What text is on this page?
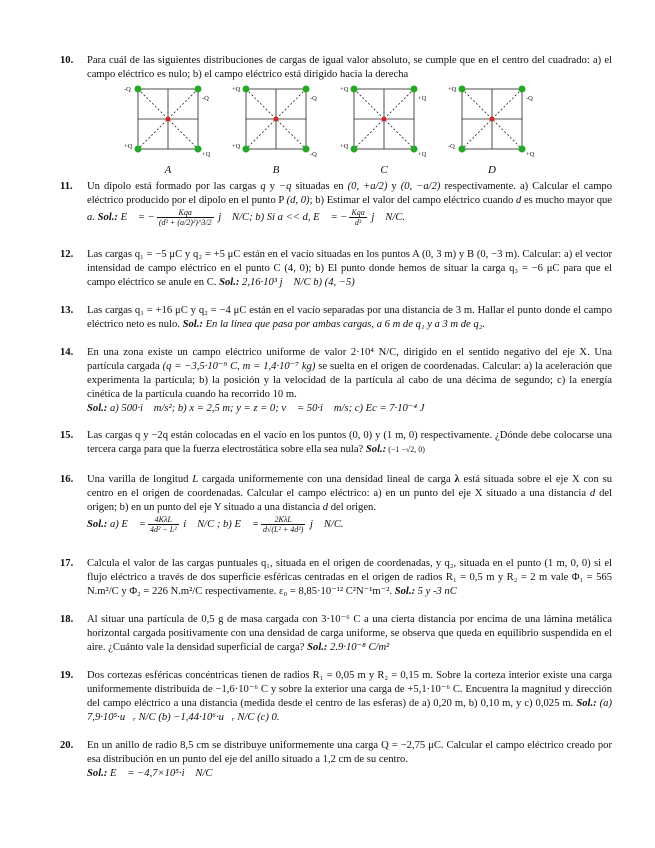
10.	Para cuál de las siguientes distribuciones de cargas de igual valor absoluto, se cumple que en el centro del cuadrado: a) el campo eléctrico es nulo; b) el campo eléctrico está dirigido hacia la derecha
-Q
-Q
+Q
+Q
A
+Q
-Q
+Q
-Q
B
+Q
+Q
+Q
+Q
C
+Q
-Q
-Q
+Q
D
11.	Un dipolo está formado por las cargas q y −q situadas en (0, +a/2) y (0, −a/2) respectivamente. a) Calcular el campo eléctrico producido por el dipolo en el punto P (d, 0); b) Estimar el valor del campo eléctrico cuando d es mucho mayor que a. Sol.: E⃗ = − $\frac{\text{Kqa}}{\text{(d² + (a/2)²)\textasciicircum{}3/2}}$ j⃗ N/C; b) Si a << d, E⃗ = − $\frac{\text{Kqa}}{\text{d³}}$ j⃗ N/C.
12.	Las cargas q₁ = −5 μC y q₂ = +5 μC están en el vacío situadas en los puntos A (0, 3 m) y B (0, −3 m). Calcular: a) el vector intensidad de campo eléctrico en el punto C (4, 0); b) El punto donde hemos de situar la carga q₃ = −6 μC para que el campo eléctrico se anule en C. Sol.: 2,16·10³ j⃗ N/C b) (4, −5)
13.	Las cargas q₁ = +16 μC y q₂ = −4 μC están en el vacío separadas por una distancia de 3 m. Hallar el punto donde el campo eléctrico neto es nulo. Sol.: En la línea que pasa por ambas cargas, a 6 m de q₁ y a 3 m de q₂.
14.	En una zona existe un campo eléctrico uniforme de valor 2·10⁴ N/C, dirigido en el sentido negativo del eje X. Una partícula cargada (q = −3,5·10⁻⁹ C, m = 1,4·10⁻⁷ kg) se suelta en el origen de coordenadas. Calcular: a) la aceleración que experimenta la partícula; b) la posición y la velocidad de la partícula al cabo de una décima de segundo; c) la energía cinética de la partícula cuando ha recorrido 10 m.
Sol.: a) 500·i⃗ m/s²; b) x = 2,5 m; y = z = 0; v⃗ = 50·i⃗ m/s; c) Ec = 7·10⁻⁴ J
15.	Las cargas q y −2q están colocadas en el vacío en los puntos (0, 0) y (1 m, 0) respectivamente. ¿Dónde debe colocarse una tercera carga para que la fuerza electrostática sobre ella sea nula? Sol.: (−1 −√2, 0)
16.	Una varilla de longitud L cargada uniformemente con una densidad lineal de carga λ está situada sobre el eje X con su centro en el origen de coordenadas. Calcular el campo eléctrico: a) en un punto del eje X situado a una distancia d del origen; b) en un punto del eje Y situado a una distancia d del origen.
Sol.: a) E⃗ = $\frac{\text{4KλL}}{\text{4d² − L²}}$ i⃗ N/C ; b) E⃗ = $\frac{\text{2KλL}}{\text{d√(L² + 4d²)}}$ j⃗ N/C.
17.	Calcula el valor de las cargas puntuales q₁, situada en el origen de coordenadas, y q₂, situada en el punto (1 m, 0, 0) si el flujo eléctrico a través de dos superficie esféricas centradas en el origen de radios R₁ = 0,5 m y R₂ = 2 m vale Φ₁ = 565 N.m²/C y Φ₂ = 226 N.m²/C respectivamente. ε₀ = 8,85·10⁻¹² C²N⁻¹m⁻². Sol.: 5 y -3 nC
18.	Al situar una partícula de 0,5 g de masa cargada con 3·10⁻⁶ C a una cierta distancia por encima de una lámina metálica horizontal cargada positivamente con una densidad de carga uniforme, se observa que queda en equilibrio suspendida en el aire. ¿Cuánto vale la densidad superficial de carga? Sol.: 2.9·10⁻⁸ C/m²
19.	Dos cortezas esféricas concéntricas tienen de radios R₁ = 0,05 m y R₂ = 0,15 m. Sobre la corteza interior existe una carga uniformemente distribuida de −1,6·10⁻⁶ C y sobre la exterior una carga de +5,1·10⁻⁶ C. Encuentra la magnitud y dirección del campo eléctrico a una distancia (medida desde el centro de las esferas) de a) 0,20 m, b) 0,10 m, y c) 0,025 m. Sol.: (a) 7,9·10⁵·u⃗ᵣ N/C (b) −1,44·10⁶·u⃗ᵣ N/C (c) 0.
20.	En un anillo de radio 8,5 cm se distribuye uniformemente una carga Q = −2,75 μC. Calcular el campo eléctrico creado por esa distribución en un punto del eje del anillo situado a 1,2 cm de su centro.
Sol.: E⃗ = −4,7×10⁵·i⃗ N/C
